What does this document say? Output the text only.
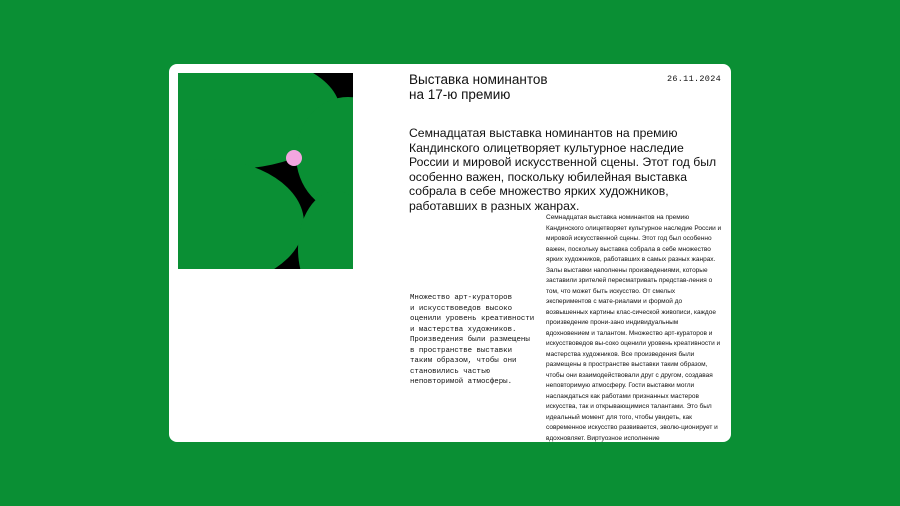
Выставка номинантов
на 17-ю премию
26.11.2024
Семнадцатая выставка номинантов на премию Кандинского олицетворяет культурное наследие России и мировой искусственной сцены. Этот год был особенно важен, поскольку юбилейная выставка собрала в себе множество ярких художников, работавших в разных жанрах.
Множество арт-кураторов
и искусствоведов высоко
оценили уровень креативности
и мастерства художников.
Произведения были размещены
в пространстве выставки
таким образом, чтобы они
становились частью
неповторимой атмосферы.
Семнадцатая выставка номинантов на премию Кандинского олицетворяет культурное наследие России и мировой искусственной сцены. Этот год был особенно важен, поскольку выставка собрала в себе множество ярких художников, работавших в самых разных жанрах. Залы выставки наполнены произведениями, которые заставили зрителей пересматривать представ-ления о том, что может быть искусство. От смелых экспериментов с мате-риалами и формой до возвышенных картины клас-сической живописи, каждое произведение прони-зано индивидуальным вдохновением и талантом. Множество арт-кураторов и искусствоведов вы-соко оценили уровень креативности и мастерства художников. Все произведения были размещены в пространстве выставки таким образом, чтобы они взаимодействовали друг с другом, создавая неповторимую атмосферу. Гости выставки могли наслаждаться как работами признанных мастеров искусства, так и открывающимися талантами. Это был идеальный момент для того, чтобы увидеть, как современное искусство развивается, эволю-ционирует и вдохновляет. Виртуозное исполнение
